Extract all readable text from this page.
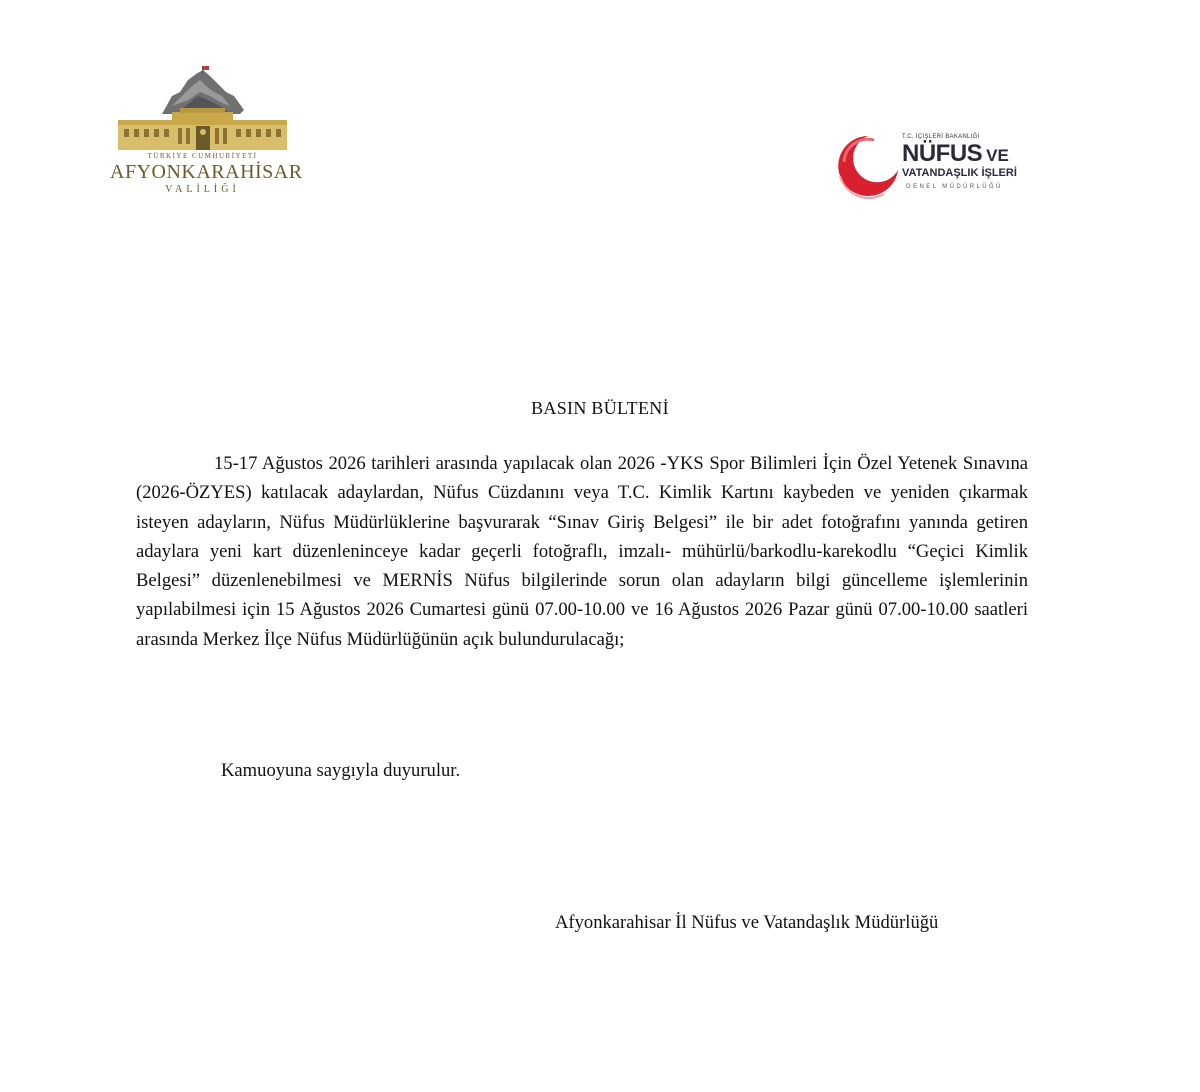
TÜRKİYE CUMHURİYETİ
AFYONKARAHİSAR
VALİLİĞİ
T.C. İÇİŞLERİ BAKANLIĞI
NÜFUS VE
VATANDAŞLIK İŞLERİ
GENEL MÜDÜRLÜĞÜ
BASIN BÜLTENİ
15-17 Ağustos 2026 tarihleri arasında yapılacak olan 2026 -YKS Spor Bilimleri İçin Özel Yetenek Sınavına (2026-ÖZYES) katılacak adaylardan, Nüfus Cüzdanını veya T.C. Kimlik Kartını kaybeden ve yeniden çıkarmak isteyen adayların, Nüfus Müdürlüklerine başvurarak “Sınav Giriş Belgesi” ile bir adet fotoğrafını yanında getiren adaylara yeni kart düzenleninceye kadar geçerli fotoğraflı, imzalı- mühürlü/barkodlu-karekodlu “Geçici Kimlik Belgesi” düzenlenebilmesi ve MERNİS Nüfus bilgilerinde sorun olan adayların bilgi güncelleme işlemlerinin yapılabilmesi için 15 Ağustos 2026 Cumartesi günü 07.00-10.00 ve 16 Ağustos 2026 Pazar günü 07.00-10.00 saatleri arasında Merkez İlçe Nüfus Müdürlüğünün açık bulundurulacağı;
Kamuoyuna saygıyla duyurulur.
Afyonkarahisar İl Nüfus ve Vatandaşlık Müdürlüğü
